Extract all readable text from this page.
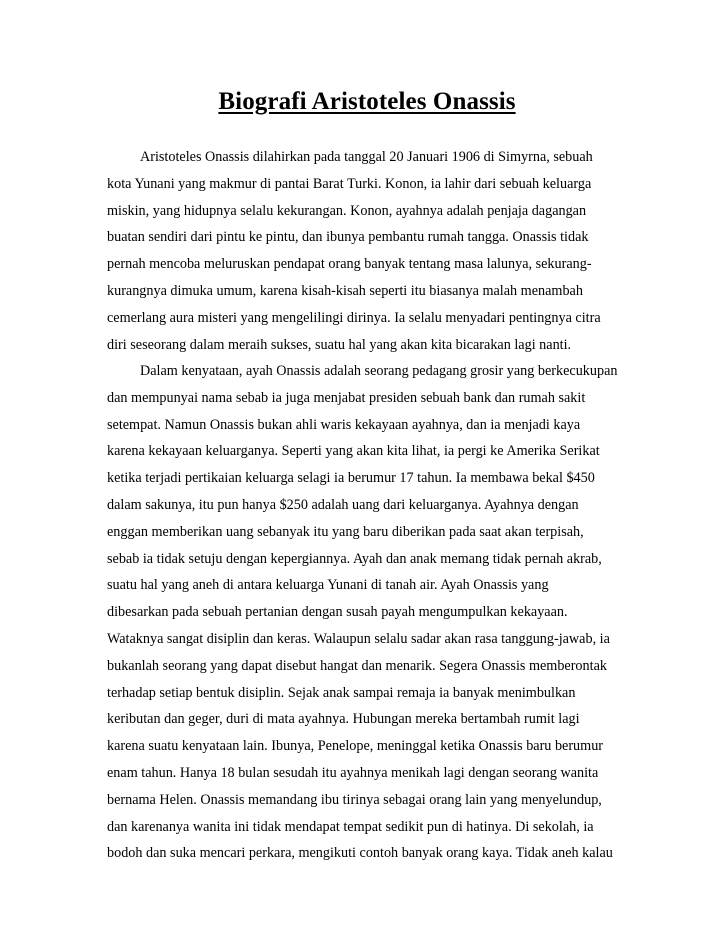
Biografi Aristoteles Onassis
Aristoteles Onassis dilahirkan pada tanggal 20 Januari 1906 di Simyrna, sebuah
kota Yunani yang makmur di pantai Barat Turki. Konon, ia lahir dari sebuah keluarga
miskin, yang hidupnya selalu kekurangan. Konon, ayahnya adalah penjaja dagangan
buatan sendiri dari pintu ke pintu, dan ibunya pembantu rumah tangga. Onassis tidak
pernah mencoba meluruskan pendapat orang banyak tentang masa lalunya, sekurang-
kurangnya dimuka umum, karena kisah-kisah seperti itu biasanya malah menambah
cemerlang aura misteri yang mengelilingi dirinya. Ia selalu menyadari pentingnya citra
diri seseorang dalam meraih sukses, suatu hal yang akan kita bicarakan lagi nanti.
Dalam kenyataan, ayah Onassis adalah seorang pedagang grosir yang berkecukupan
dan mempunyai nama sebab ia juga menjabat presiden sebuah bank dan rumah sakit
setempat. Namun Onassis bukan ahli waris kekayaan ayahnya, dan ia menjadi kaya
karena kekayaan keluarganya. Seperti yang akan kita lihat, ia pergi ke Amerika Serikat
ketika terjadi pertikaian keluarga selagi ia berumur 17 tahun. Ia membawa bekal $450
dalam sakunya, itu pun hanya $250 adalah uang dari keluarganya. Ayahnya dengan
enggan memberikan uang sebanyak itu yang baru diberikan pada saat akan terpisah,
sebab ia tidak setuju dengan kepergiannya. Ayah dan anak memang tidak pernah akrab,
suatu hal yang aneh di antara keluarga Yunani di tanah air. Ayah Onassis yang
dibesarkan pada sebuah pertanian dengan susah payah mengumpulkan kekayaan.
Wataknya sangat disiplin dan keras. Walaupun selalu sadar akan rasa tanggung-jawab, ia
bukanlah seorang yang dapat disebut hangat dan menarik. Segera Onassis memberontak
terhadap setiap bentuk disiplin. Sejak anak sampai remaja ia banyak menimbulkan
keributan dan geger, duri di mata ayahnya. Hubungan mereka bertambah rumit lagi
karena suatu kenyataan lain. Ibunya, Penelope, meninggal ketika Onassis baru berumur
enam tahun. Hanya 18 bulan sesudah itu ayahnya menikah lagi dengan seorang wanita
bernama Helen. Onassis memandang ibu tirinya sebagai orang lain yang menyelundup,
dan karenanya wanita ini tidak mendapat tempat sedikit pun di hatinya. Di sekolah, ia
bodoh dan suka mencari perkara, mengikuti contoh banyak orang kaya. Tidak aneh kalau
